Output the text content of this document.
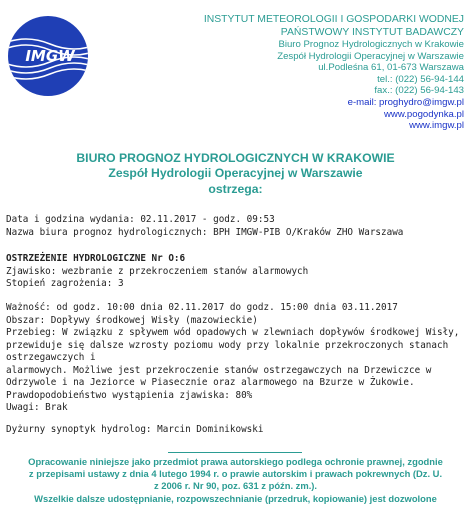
IMGW
INSTYTUT METEOROLOGII I GOSPODARKI WODNEJ
PAŃSTWOWY INSTYTUT BADAWCZY
Biuro Prognoz Hydrologicznych w Krakowie
Zespół Hydrologii Operacyjnej w Warszawie
ul.Podleśna 61, 01-673 Warszawa
tel.: (022) 56-94-144
fax.: (022) 56-94-143
e-mail: proghydro@imgw.pl
www.pogodynka.pl
www.imgw.pl
BIURO PROGNOZ HYDROLOGICZNYCH W KRAKOWIE
Zespół Hydrologii Operacyjnej w Warszawie
ostrzega:
Data i godzina wydania: 02.11.2017 - godz. 09:53
Nazwa biura prognoz hydrologicznych: BPH IMGW-PIB O/Kraków ZHO Warszawa
OSTRZEŻENIE HYDROLOGICZNE Nr O:6
Zjawisko: wezbranie z przekroczeniem stanów alarmowych
Stopień zagrożenia: 3
Ważność: od godz. 10:00 dnia 02.11.2017 do godz. 15:00 dnia 03.11.2017
Obszar: Dopływy środkowej Wisły (mazowieckie)
Przebieg: W związku z spływem wód opadowych w zlewniach dopływów środkowej Wisły,
przewiduje się dalsze wzrosty poziomu wody przy lokalnie przekroczonych stanach
ostrzegawczych i
alarmowych. Możliwe jest przekroczenie stanów ostrzegawczych na Drzewiczce w
Odrzywole i na Jeziorce w Piasecznie oraz alarmowego na Bzurze w Żukowie.
Prawdopodobieństwo wystąpienia zjawiska: 80%
Uwagi: Brak
Dyżurny synoptyk hydrolog: Marcin Dominikowski
Opracowanie niniejsze jako przedmiot prawa autorskiego podlega ochronie prawnej, zgodnie
z przepisami ustawy z dnia 4 lutego 1994 r. o prawie autorskim i prawach pokrewnych (Dz. U.
z 2006 r. Nr 90, poz. 631 z późn. zm.).
Wszelkie dalsze udostępnianie, rozpowszechnianie (przedruk, kopiowanie) jest dozwolone
